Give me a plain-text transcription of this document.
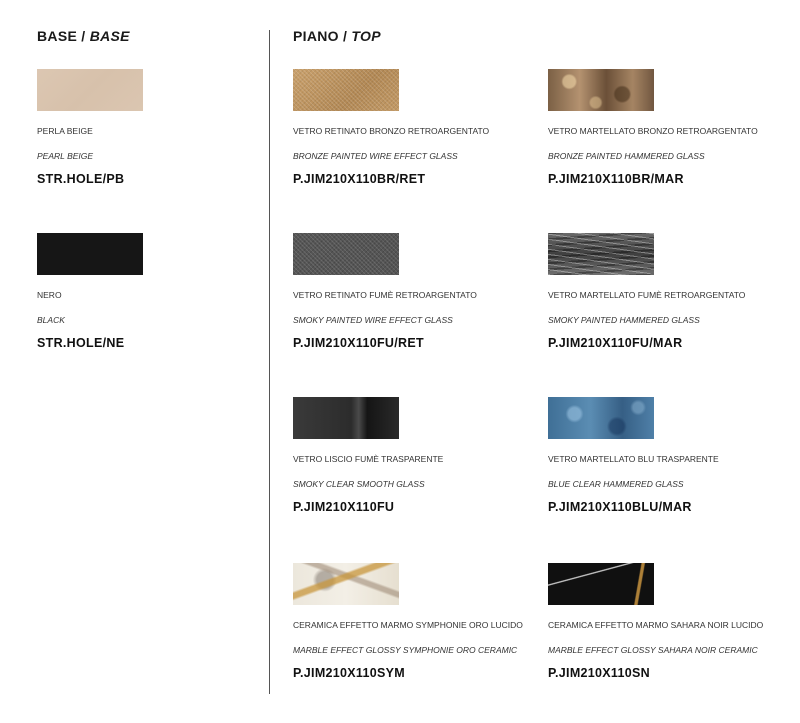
BASE / BASE	PIANO / TOP
PERLA BEIGE
PEARL BEIGE
STR.HOLE/PB
NERO
BLACK
STR.HOLE/NE
VETRO RETINATO BRONZO RETROARGENTATO
BRONZE PAINTED WIRE EFFECT GLASS
P.JIM210X110BR/RET
VETRO MARTELLATO BRONZO RETROARGENTATO
BRONZE PAINTED HAMMERED GLASS
P.JIM210X110BR/MAR
VETRO RETINATO FUMÈ RETROARGENTATO
SMOKY PAINTED WIRE EFFECT GLASS
P.JIM210X110FU/RET
VETRO MARTELLATO FUMÈ RETROARGENTATO
SMOKY PAINTED HAMMERED GLASS
P.JIM210X110FU/MAR
VETRO LISCIO FUMÈ TRASPARENTE
SMOKY CLEAR SMOOTH GLASS
P.JIM210X110FU
VETRO MARTELLATO BLU TRASPARENTE
BLUE CLEAR HAMMERED GLASS
P.JIM210X110BLU/MAR
CERAMICA EFFETTO MARMO SYMPHONIE ORO LUCIDO
MARBLE EFFECT GLOSSY SYMPHONIE ORO CERAMIC
P.JIM210X110SYM
CERAMICA EFFETTO MARMO SAHARA NOIR LUCIDO
MARBLE EFFECT GLOSSY SAHARA NOIR CERAMIC
P.JIM210X110SN
